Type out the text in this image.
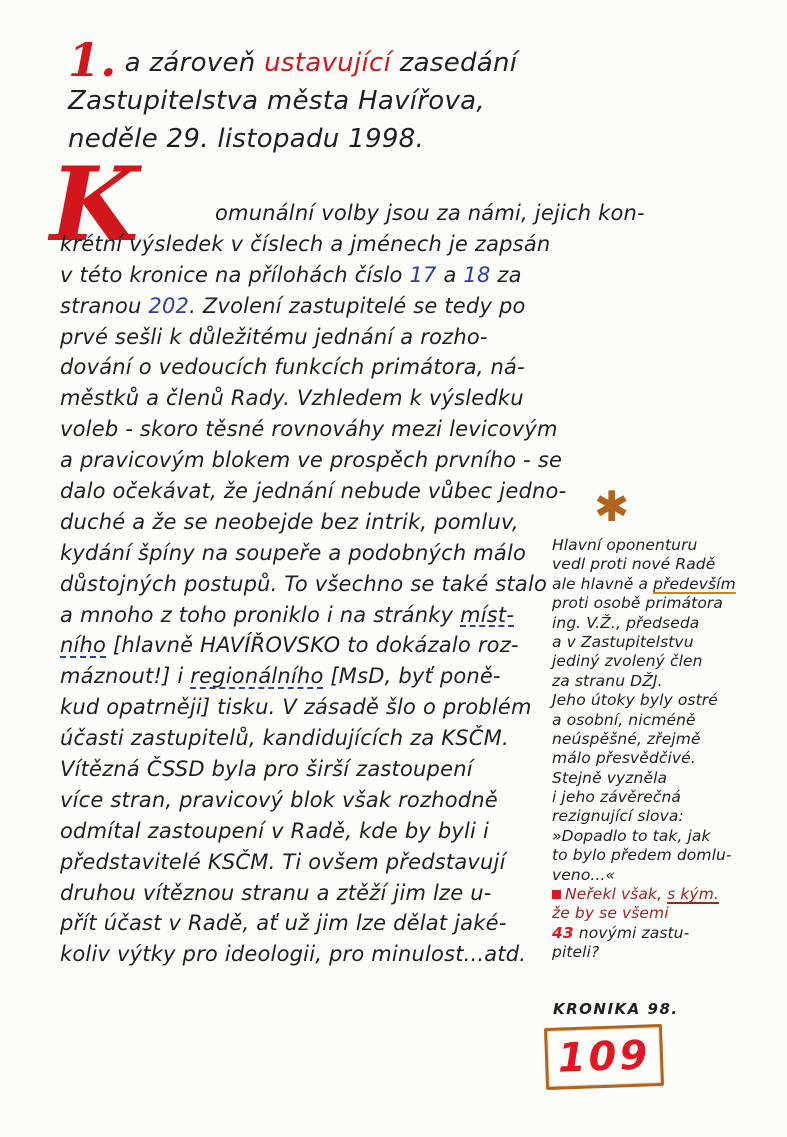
1. a zároveň ustavující zasedání
Zastupitelstva města Havířova,
neděle 29. listopadu 1998.
K	omunální volby jsou za námi, jejich kon-
krétní výsledek v číslech a jménech je zapsán
v této kronice na přílohách číslo 17 a 18 za
stranou 202. Zvolení zastupitelé se tedy po
prvé sešli k důležitému jednání a rozho-
dování o vedoucích funkcích primátora, ná-
městků a členů Rady. Vzhledem k výsledku
voleb - skoro těsné rovnováhy mezi levicovým
a pravicovým blokem ve prospěch prvního - se
dalo očekávat, že jednání nebude vůbec jedno-
duché a že se neobejde bez intrik, pomluv,
kydání špíny na soupeře a podobných málo
důstojných postupů. To všechno se také stalo
a mnoho z toho proniklo i na stránky míst-
ního [hlavně HAVÍŘOVSKO to dokázalo roz-
máznout!] i regionálního [MsD, byť poně-
kud opatrněji] tisku. V zásadě šlo o problém
účasti zastupitelů, kandidujících za KSČM.
Vítězná ČSSD byla pro širší zastoupení
více stran, pravicový blok však rozhodně
odmítal zastoupení v Radě, kde by byli i
představitelé KSČM. Ti ovšem představují
druhou vítěznou stranu a ztěží jim lze u-
přít účast v Radě, ať už jim lze dělat jaké-
koliv výtky pro ideologii, pro minulost...atd.
✱
Hlavní oponenturu
vedl proti nové Radě
ale hlavně a především
proti osobě primátora
ing. V.Ž., předseda
a v Zastupitelstvu
jediný zvolený člen
za stranu DŽJ.
Jeho útoky byly ostré
a osobní, nicméně
neúspěšné, zřejmě
málo přesvědčivé.
Stejně vyzněla
i jeho závěrečná
rezignující slova:
»Dopadlo to tak, jak
to bylo předem domlu-
veno...«
Neřekl však, s kým.
že by se všemi
43 novými zastu-
piteli?
KRONIKA 98.
109
